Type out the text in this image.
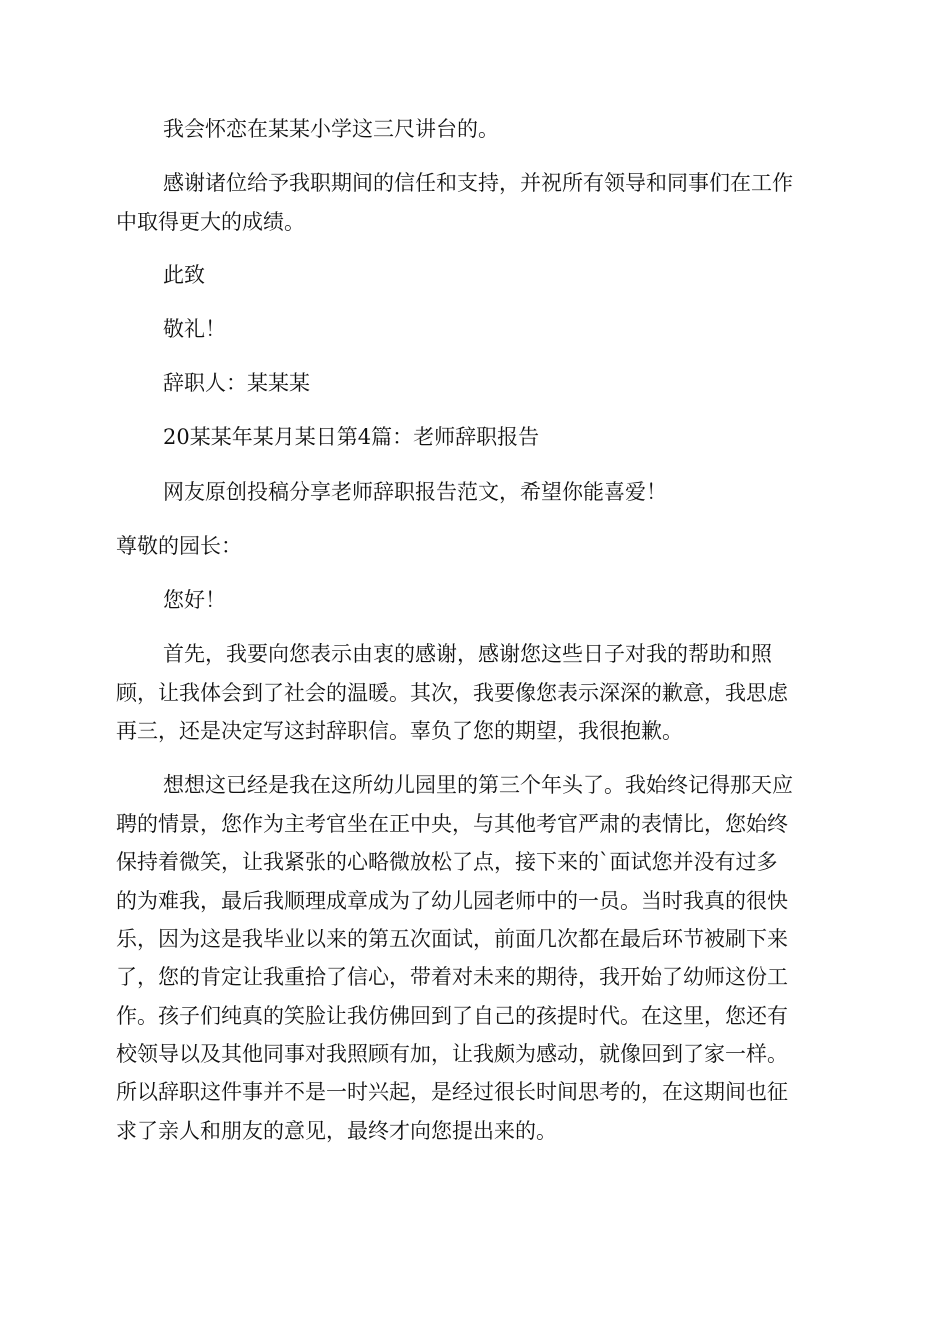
我会怀恋在某某小学这三尺讲台的。
感谢诸位给予我职期间的信任和支持，并祝所有领导和同事们在工作
中取得更大的成绩。
此致
敬礼！
辞职人：某某某
20某某年某月某日第4篇：老师辞职报告
网友原创投稿分享老师辞职报告范文，希望你能喜爱！
尊敬的园长：
您好！
首先，我要向您表示由衷的感谢，感谢您这些日子对我的帮助和照
顾，让我体会到了社会的温暖。其次，我要像您表示深深的歉意，我思虑
再三，还是决定写这封辞职信。辜负了您的期望，我很抱歉。
想想这已经是我在这所幼儿园里的第三个年头了。我始终记得那天应
聘的情景，您作为主考官坐在正中央，与其他考官严肃的表情比，您始终
保持着微笑，让我紧张的心略微放松了点，接下来的`面试您并没有过多
的为难我，最后我顺理成章成为了幼儿园老师中的一员。当时我真的很快
乐，因为这是我毕业以来的第五次面试，前面几次都在最后环节被刷下来
了，您的肯定让我重拾了信心，带着对未来的期待，我开始了幼师这份工
作。孩子们纯真的笑脸让我仿佛回到了自己的孩提时代。在这里，您还有
校领导以及其他同事对我照顾有加，让我颇为感动，就像回到了家一样。
所以辞职这件事并不是一时兴起，是经过很长时间思考的，在这期间也征
求了亲人和朋友的意见，最终才向您提出来的。
